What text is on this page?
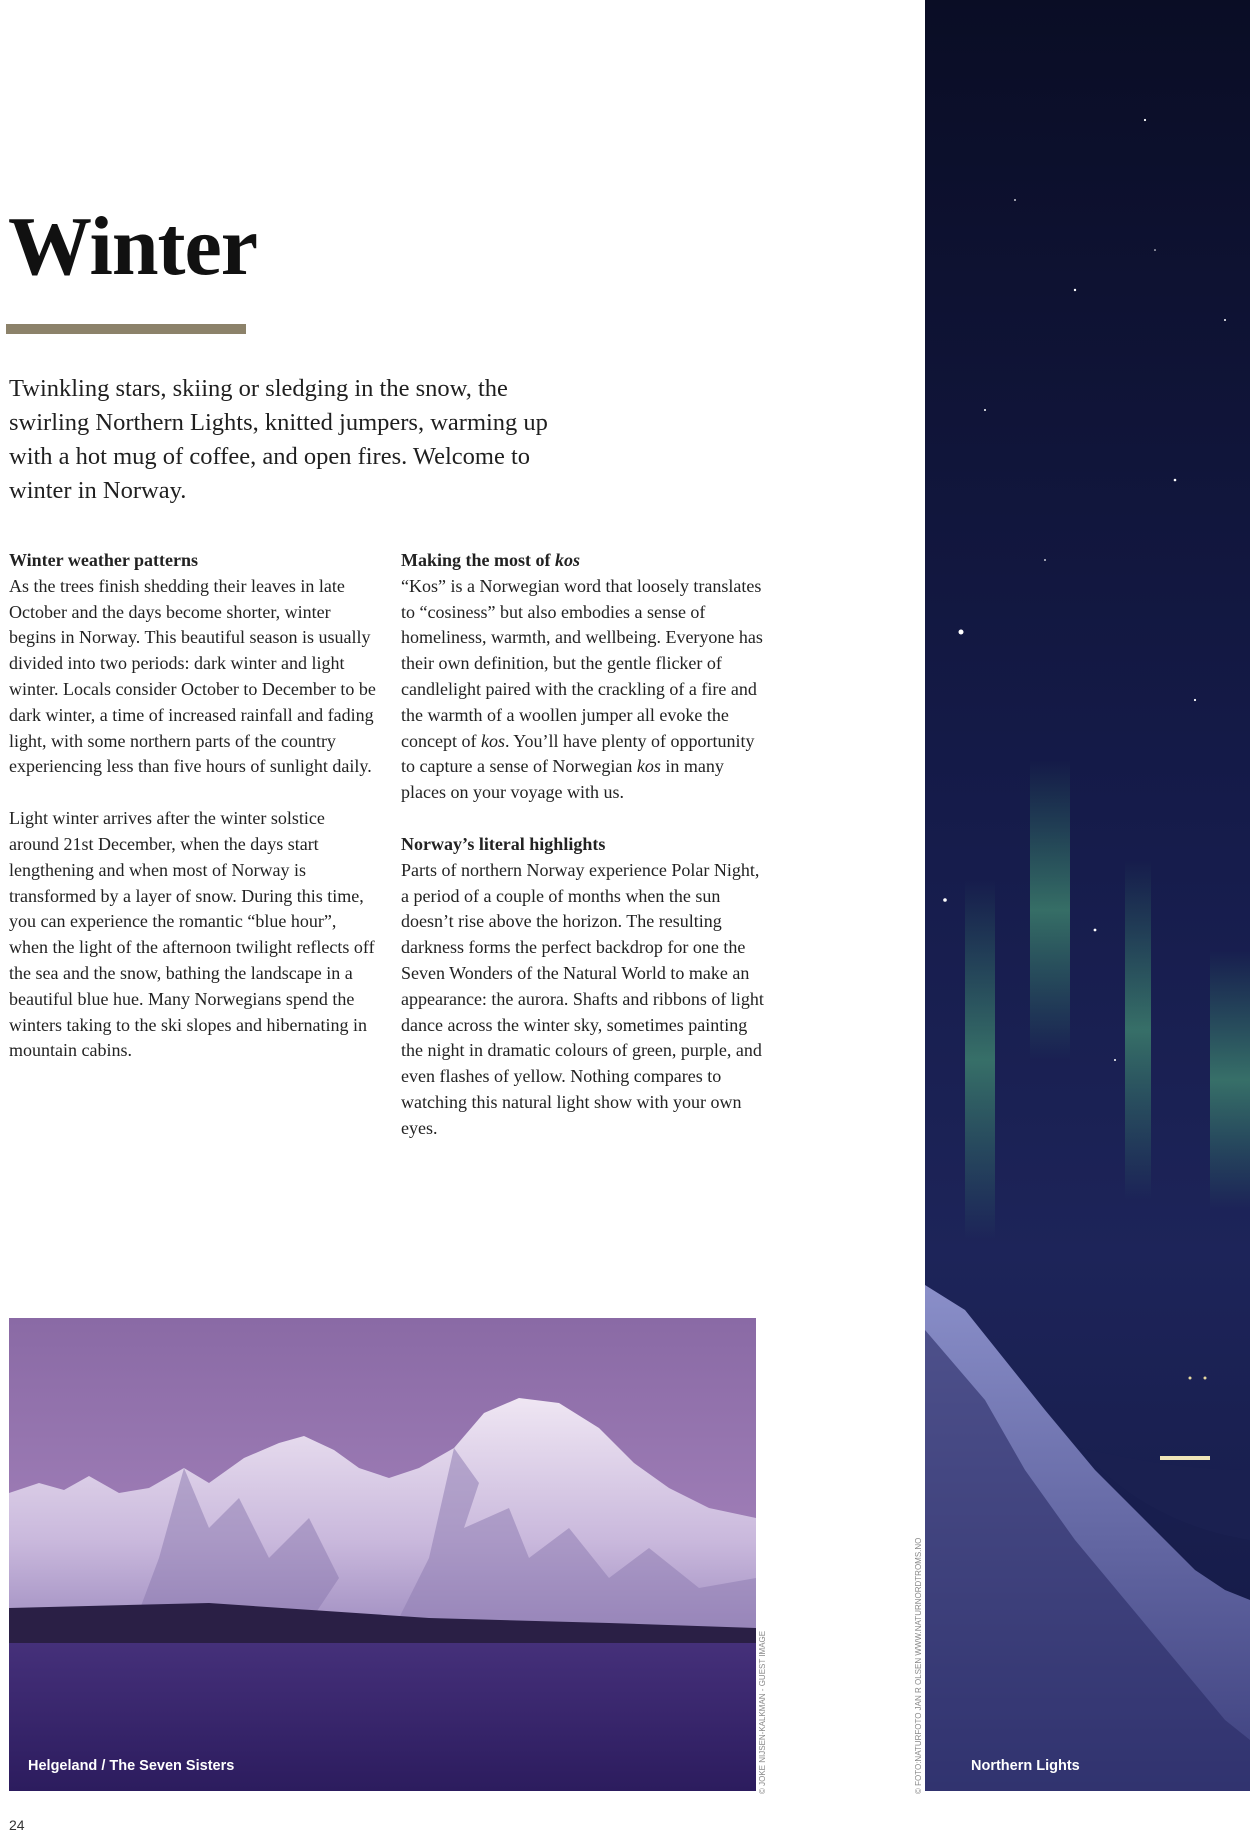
Winter

Twinkling stars, skiing or sledging in the snow, the swirling Northern Lights, knitted jumpers, warming up with a hot mug of coffee, and open fires. Welcome to winter in Norway.

Winter weather patterns

As the trees finish shedding their leaves in late October and the days become shorter, winter begins in Norway. This beautiful season is usually divided into two periods: dark winter and light winter. Locals consider October to December to be dark winter, a time of increased rainfall and fading light, with some northern parts of the country experiencing less than five hours of sunlight daily.

Light winter arrives after the winter solstice around 21st December, when the days start lengthening and when most of Norway is transformed by a layer of snow. During this time, you can experience the romantic “blue hour”, when the light of the afternoon twilight reflects off the sea and the snow, bathing the landscape in a beautiful blue hue. Many Norwegians spend the winters taking to the ski slopes and hibernating in mountain cabins.

Making the most of kos

“Kos” is a Norwegian word that loosely translates to “cosiness” but also embodies a sense of homeliness, warmth, and wellbeing. Everyone has their own definition, but the gentle flicker of candlelight paired with the crackling of a fire and the warmth of a woollen jumper all evoke the concept of kos. You’ll have plenty of opportunity to capture a sense of Norwegian kos in many places on your voyage with us.

Norway’s literal highlights

Parts of northern Norway experience Polar Night, a period of a couple of months when the sun doesn’t rise above the horizon. The resulting darkness forms the perfect backdrop for one the Seven Wonders of the Natural World to make an appearance: the aurora. Shafts and ribbons of light dance across the winter sky, sometimes painting the night in dramatic colours of green, purple, and even flashes of yellow. Nothing compares to watching this natural light show with your own eyes.

Helgeland / The Seven Sisters	Northern Lights
© JOKE NIJSEN-KALKMAN - GUEST IMAGE	© FOTO:NATURFOTO JAN R OLSEN WWW.NATURNORDTROMS.NO
24
